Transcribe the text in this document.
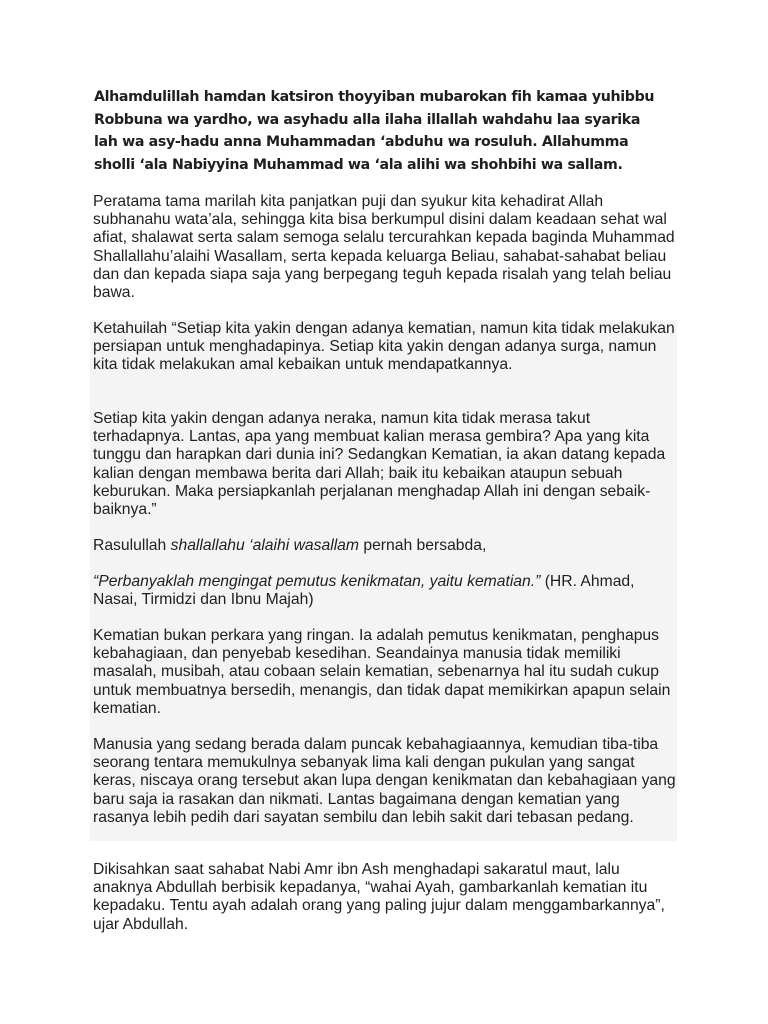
Alhamdulillah hamdan katsiron thoyyiban mubarokan fih kamaa yuhibbu Robbuna wa yardho, wa asyhadu alla ilaha illallah wahdahu laa syarika lah wa asy-hadu anna Muhammadan ‘abduhu wa rosuluh. Allahumma sholli ‘ala Nabiyyina Muhammad wa ‘ala alihi wa shohbihi wa sallam.

Peratama tama marilah kita panjatkan puji dan syukur kita kehadirat Allah subhanahu wata’ala, sehingga kita bisa berkumpul disini dalam keadaan sehat wal afiat, shalawat serta salam semoga selalu tercurahkan kepada baginda Muhammad Shallallahu’alaihi Wasallam, serta kepada keluarga Beliau, sahabat-sahabat beliau dan dan kepada siapa saja yang berpegang teguh kepada risalah yang telah beliau bawa.

Ketahuilah “Setiap kita yakin dengan adanya kematian, namun kita tidak melakukan persiapan untuk menghadapinya. Setiap kita yakin dengan adanya surga, namun kita tidak melakukan amal kebaikan untuk mendapatkannya.

Setiap kita yakin dengan adanya neraka, namun kita tidak merasa takut terhadapnya. Lantas, apa yang membuat kalian merasa gembira? Apa yang kita tunggu dan harapkan dari dunia ini? Sedangkan Kematian, ia akan datang kepada kalian dengan membawa berita dari Allah; baik itu kebaikan ataupun sebuah keburukan. Maka persiapkanlah perjalanan menghadap Allah ini dengan sebaik-baiknya.”

Rasulullah shallallahu ‘alaihi wasallam pernah bersabda,

“Perbanyaklah mengingat pemutus kenikmatan, yaitu kematian.” (HR. Ahmad, Nasai, Tirmidzi dan Ibnu Majah)

Kematian bukan perkara yang ringan. Ia adalah pemutus kenikmatan, penghapus kebahagiaan, dan penyebab kesedihan. Seandainya manusia tidak memiliki masalah, musibah, atau cobaan selain kematian, sebenarnya hal itu sudah cukup untuk membuatnya bersedih, menangis, dan tidak dapat memikirkan apapun selain kematian.

Manusia yang sedang berada dalam puncak kebahagiaannya, kemudian tiba-tiba seorang tentara memukulnya sebanyak lima kali dengan pukulan yang sangat keras, niscaya orang tersebut akan lupa dengan kenikmatan dan kebahagiaan yang baru saja ia rasakan dan nikmati. Lantas bagaimana dengan kematian yang rasanya lebih pedih dari sayatan sembilu dan lebih sakit dari tebasan pedang.

Dikisahkan saat sahabat Nabi Amr ibn Ash menghadapi sakaratul maut, lalu anaknya Abdullah berbisik kepadanya, “wahai Ayah, gambarkanlah kematian itu kepadaku. Tentu ayah adalah orang yang paling jujur dalam menggambarkannya”, ujar Abdullah.
